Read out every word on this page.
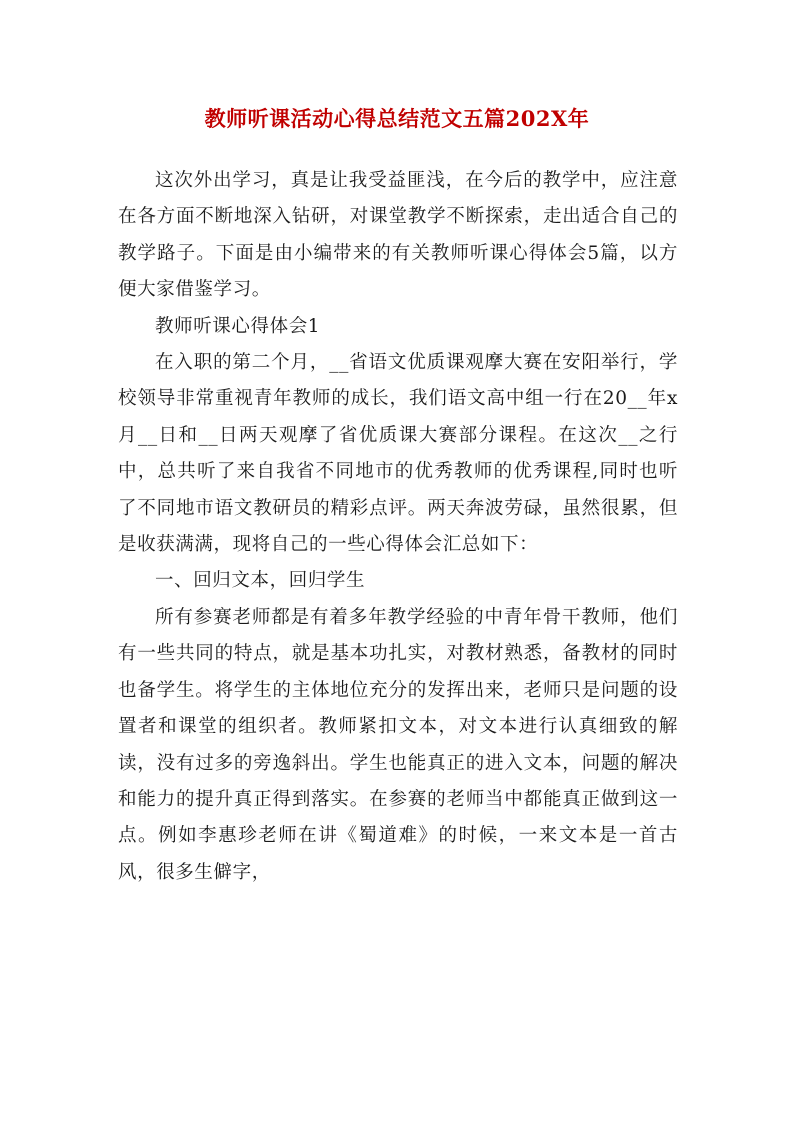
教师听课活动心得总结范文五篇202X年

这次外出学习，真是让我受益匪浅，在今后的教学中，应注意在各方面不断地深入钻研，对课堂教学不断探索，走出适合自己的教学路子。下面是由小编带来的有关教师听课心得体会5篇，以方便大家借鉴学习。

教师听课心得体会1

在入职的第二个月，__省语文优质课观摩大赛在安阳举行，学校领导非常重视青年教师的成长，我们语文高中组一行在20__年x月__日和__日两天观摩了省优质课大赛部分课程。在这次__之行中，总共听了来自我省不同地市的优秀教师的优秀课程,同时也听了不同地市语文教研员的精彩点评。两天奔波劳碌，虽然很累，但是收获满满，现将自己的一些心得体会汇总如下：

一、回归文本，回归学生

所有参赛老师都是有着多年教学经验的中青年骨干教师，他们有一些共同的特点，就是基本功扎实，对教材熟悉，备教材的同时也备学生。将学生的主体地位充分的发挥出来，老师只是问题的设置者和课堂的组织者。教师紧扣文本，对文本进行认真细致的解读，没有过多的旁逸斜出。学生也能真正的进入文本，问题的解决和能力的提升真正得到落实。在参赛的老师当中都能真正做到这一点。例如李惠珍老师在讲《蜀道难》的时候，一来文本是一首古风，很多生僻字，
